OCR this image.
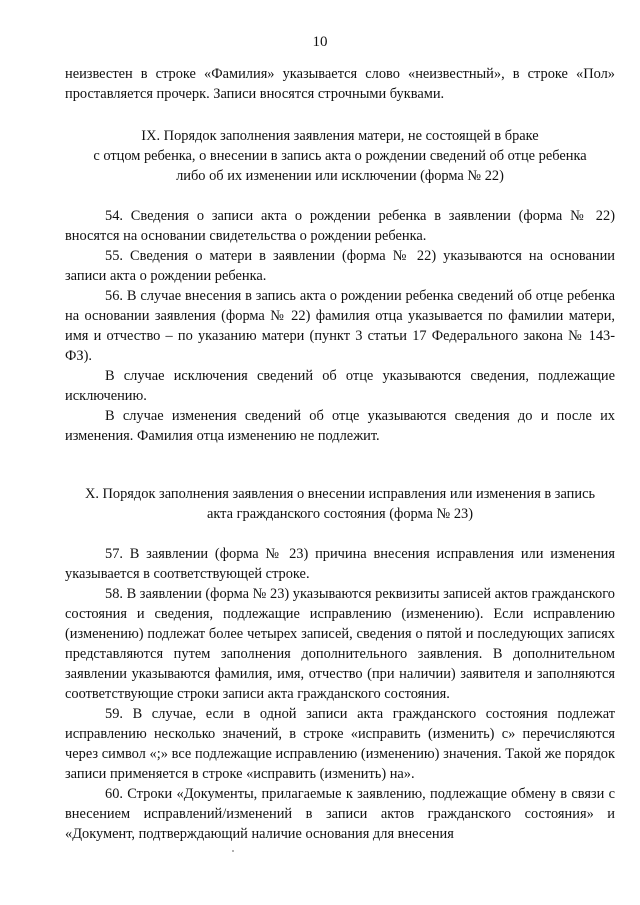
10

неизвестен в строке «Фамилия» указывается слово «неизвестный», в строке «Пол» проставляется прочерк. Записи вносятся строчными буквами.

IX. Порядок заполнения заявления матери, не состоящей в браке

с отцом ребенка, о внесении в запись акта о рождении сведений об отце ребенка

либо об их изменении или исключении (форма № 22)

54. Сведения о записи акта о рождении ребенка в заявлении (форма № 22) вносятся на основании свидетельства о рождении ребенка.

55. Сведения о матери в заявлении (форма № 22) указываются на основании записи акта о рождении ребенка.

56. В случае внесения в запись акта о рождении ребенка сведений об отце ребенка на основании заявления (форма № 22) фамилия отца указывается по фамилии матери, имя и отчество – по указанию матери (пункт 3 статьи 17 Федерального закона № 143-ФЗ).

В случае исключения сведений об отце указываются сведения, подлежащие исключению.

В случае изменения сведений об отце указываются сведения до и после их изменения. Фамилия отца изменению не подлежит.

X. Порядок заполнения заявления о внесении исправления или изменения в запись

акта гражданского состояния (форма № 23)

57. В заявлении (форма № 23) причина внесения исправления или изменения указывается в соответствующей строке.

58. В заявлении (форма № 23) указываются реквизиты записей актов гражданского состояния и сведения, подлежащие исправлению (изменению). Если исправлению (изменению) подлежат более четырех записей, сведения о пятой и последующих записях представляются путем заполнения дополнительного заявления. В дополнительном заявлении указываются фамилия, имя, отчество (при наличии) заявителя и заполняются соответствующие строки записи акта гражданского состояния.

59. В случае, если в одной записи акта гражданского состояния подлежат исправлению несколько значений, в строке «исправить (изменить) с» перечисляются через символ «;» все подлежащие исправлению (изменению) значения. Такой же порядок записи применяется в строке «исправить (изменить) на».

60. Строки «Документы, прилагаемые к заявлению, подлежащие обмену в связи с внесением исправлений/изменений в записи актов гражданского состояния» и «Документ, подтверждающий наличие основания для внесения
